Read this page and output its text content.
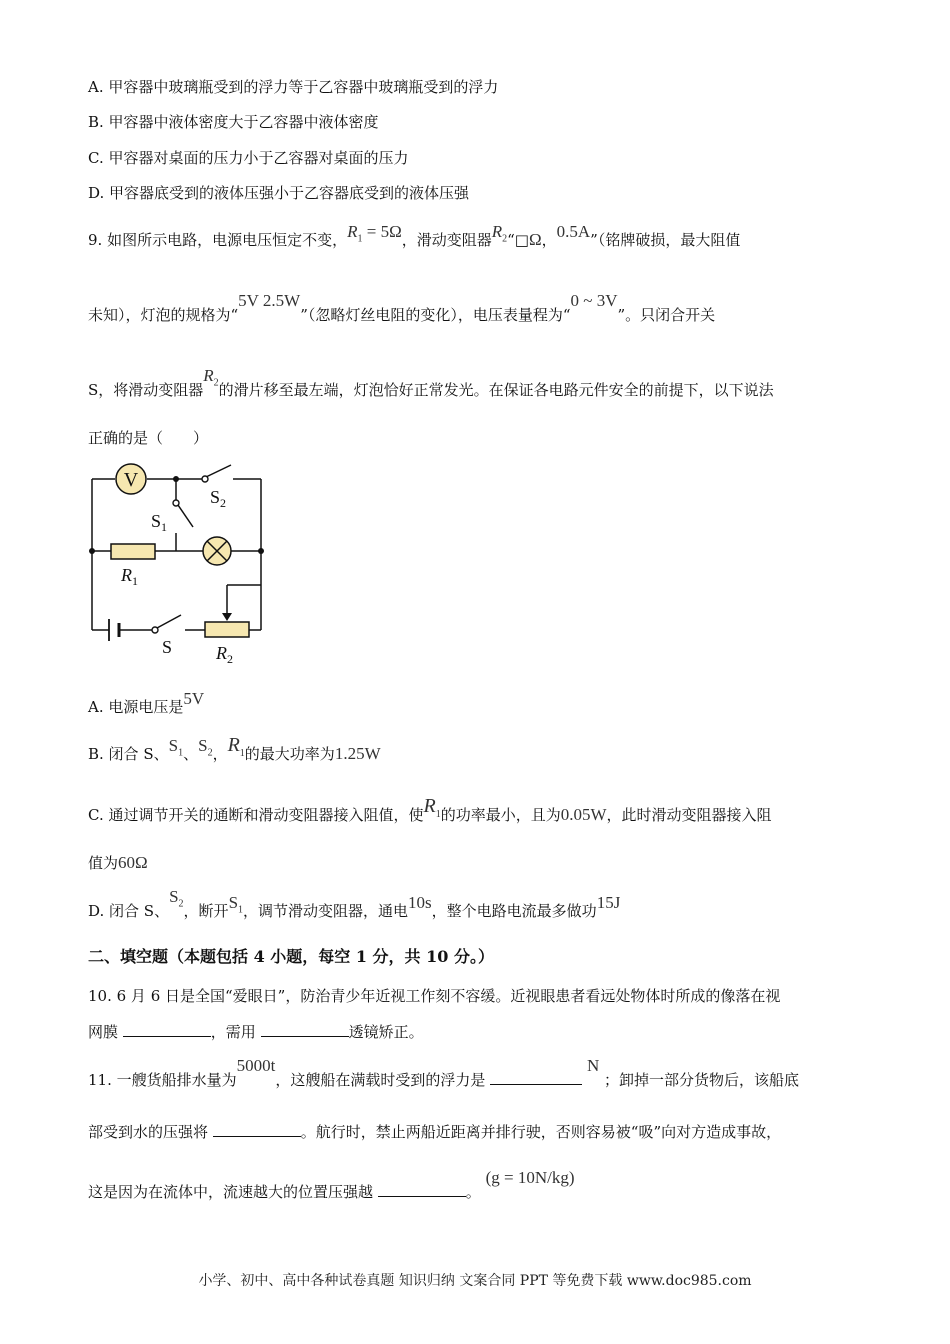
A. 甲容器中玻璃瓶受到的浮力等于乙容器中玻璃瓶受到的浮力
B. 甲容器中液体密度大于乙容器中液体密度
C. 甲容器对桌面的压力小于乙容器对桌面的压力
D. 甲容器底受到的液体压强小于乙容器底受到的液体压强
9. 如图所示电路，电源电压恒定不变，$R_1 = 5\Omega$，滑动变阻器$R_2“□\Omega$，0.5A”（铭牌破损，最大阻值
未知），灯泡的规格为“5V 2.5W”（忽略灯丝电阻的变化），电压表量程为“0 ~ 3V”。只闭合开关
S，将滑动变阻器$R_2$的滑片移至最左端，灯泡恰好正常发光。在保证各电路元件安全的前提下，以下说法
正确的是（　　）
V
$S_2$
$S_1$
$R_1$
S $R_2$
A. 电源电压是5V
B. 闭合 S、$S_1$、$S_2$，$R_1$的最大功率为1.25W
C. 通过调节开关的通断和滑动变阻器接入阻值，使$R_1$的功率最小，且为0.05W，此时滑动变阻器接入阻
值为60Ω
D. 闭合 S、$S_2$，断开$S_1$，调节滑动变阻器，通电10s，整个电路电流最多做功15J
二、填空题（本题包括 4 小题，每空 1 分，共 10 分。）
10. 6 月 6 日是全国“爱眼日”，防治青少年近视工作刻不容缓。近视眼患者看远处物体时所成的像落在视
网膜	，需用	透镜矫正。
11. 一艘货船排水量为5000t，这艘船在满载时受到的浮力是  N ；卸掉一部分货物后，该船底
部受到水的压强将	。航行时，禁止两船近距离并排行驶，否则容易被“吸”向对方造成事故，
这是因为在流体中，流速越大的位置压强越	。 (g = 10N/kg)
小学、初中、高中各种试卷真题 知识归纳 文案合同 PPT 等免费下载 www.doc985.com
